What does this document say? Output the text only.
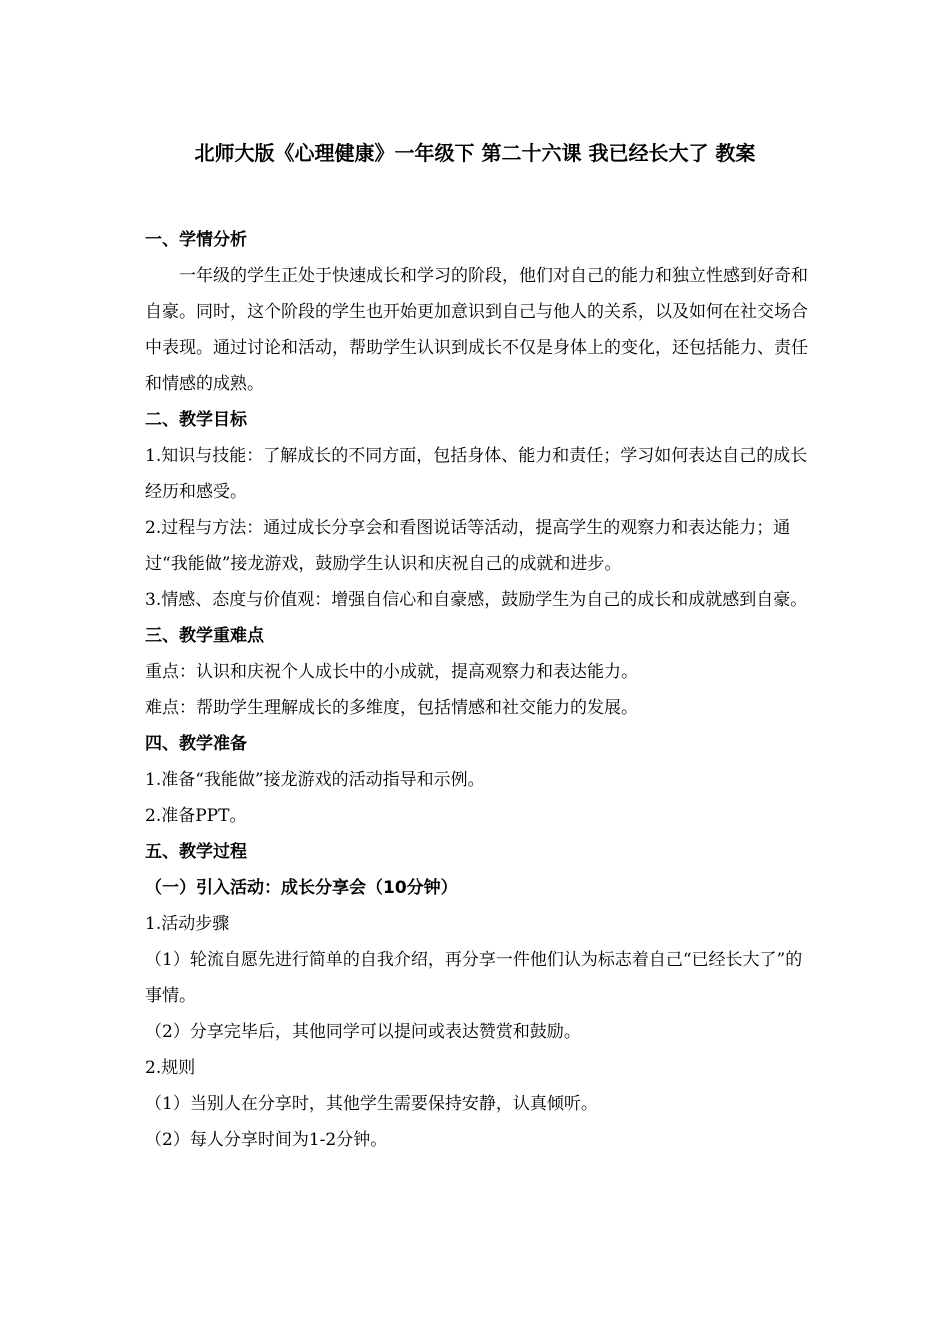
北师大版《心理健康》一年级下 第二十六课 我已经长大了 教案

一、学情分析

一年级的学生正处于快速成长和学习的阶段，他们对自己的能力和独立性感到好奇和自豪。同时，这个阶段的学生也开始更加意识到自己与他人的关系，以及如何在社交场合中表现。通过讨论和活动，帮助学生认识到成长不仅是身体上的变化，还包括能力、责任和情感的成熟。

二、教学目标

1.知识与技能：了解成长的不同方面，包括身体、能力和责任；学习如何表达自己的成长经历和感受。

2.过程与方法：通过成长分享会和看图说话等活动，提高学生的观察力和表达能力；通过“我能做”接龙游戏，鼓励学生认识和庆祝自己的成就和进步。

3.情感、态度与价值观：增强自信心和自豪感，鼓励学生为自己的成长和成就感到自豪。

三、教学重难点

重点：认识和庆祝个人成长中的小成就，提高观察力和表达能力。

难点：帮助学生理解成长的多维度，包括情感和社交能力的发展。

四、教学准备

1.准备“我能做”接龙游戏的活动指导和示例。

2.准备PPT。

五、教学过程

（一）引入活动：成长分享会（10分钟）

1.活动步骤

（1）轮流自愿先进行简单的自我介绍，再分享一件他们认为标志着自己“已经长大了”的事情。

（2）分享完毕后，其他同学可以提问或表达赞赏和鼓励。

2.规则

（1）当别人在分享时，其他学生需要保持安静，认真倾听。

（2）每人分享时间为1-2分钟。
